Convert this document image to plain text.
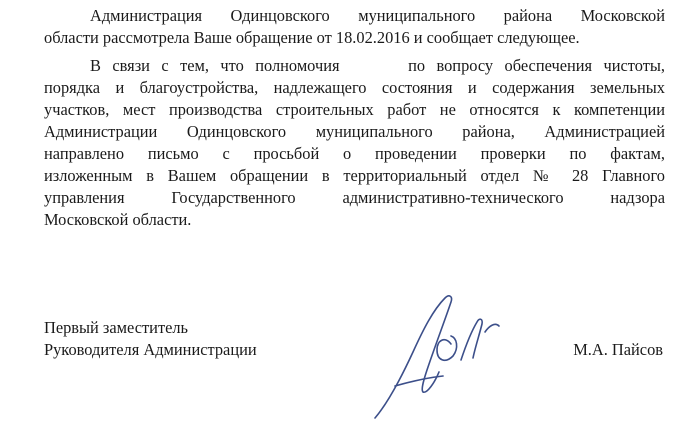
Администрация Одинцовского муниципального района Московской
области рассмотрела Ваше обращение от 18.02.2016 и сообщает следующее.
В связи с тем, что полномочия      по вопросу обеспечения чистоты,
порядка и благоустройства, надлежащего состояния и содержания земельных
участков, мест производства строительных работ не относятся к компетенции
Администрации Одинцовского муниципального района, Администрацией
направлено письмо с просьбой о проведении проверки по фактам,
изложенным в Вашем обращении в территориальный отдел № 28 Главного
управления Государственного административно-технического надзора
Московской области.
Первый заместитель
Руководителя Администрации	М.А. Пайсов
